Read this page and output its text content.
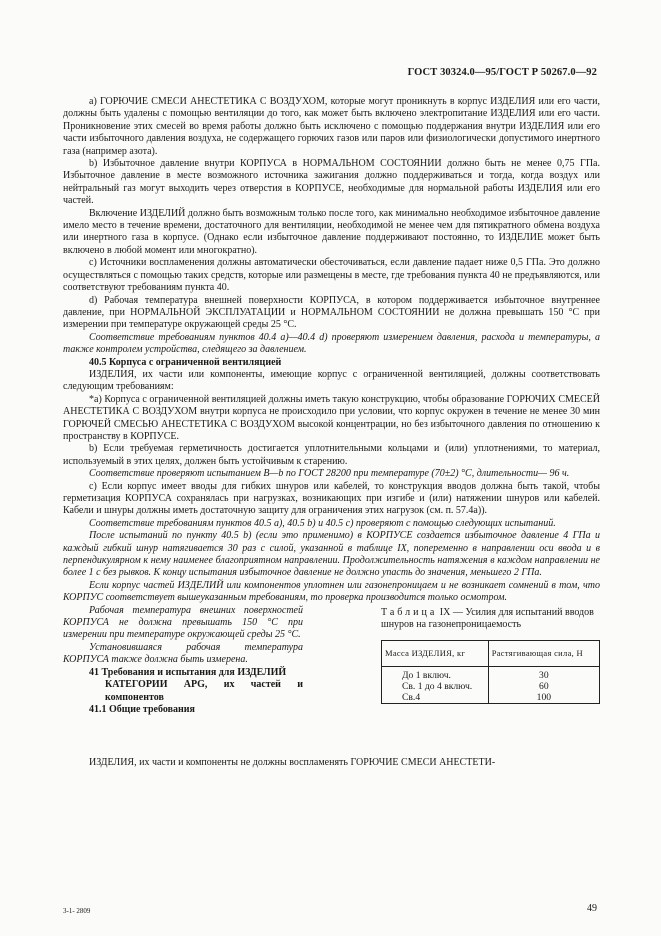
ГОСТ 30324.0—95/ГОСТ Р 50267.0—92

а) ГОРЮЧИЕ СМЕСИ АНЕСТЕТИКА С ВОЗДУХОМ, которые могут проникнуть в корпус ИЗДЕЛИЯ или его части, должны быть удалены с помощью вентиляции до того, как может быть включено электропитание ИЗДЕЛИЯ или его части. Проникновение этих смесей во время работы должно быть исключено с помощью поддержания внутри ИЗДЕЛИЯ или его части избыточного давления воздуха, не содержащего горючих газов или паров или физиологически допустимого инертного газа (например азота).

b) Избыточное давление внутри КОРПУСА в НОРМАЛЬНОМ СОСТОЯНИИ должно быть не менее 0,75 ГПа. Избыточное давление в месте возможного источника зажигания должно поддерживаться и тогда, когда воздух или нейтральный газ могут выходить через отверстия в КОРПУСЕ, необходимые для нормальной работы ИЗДЕЛИЯ или его частей.

Включение ИЗДЕЛИЙ должно быть возможным только после того, как минимально необходимое избыточное давление имело место в течение времени, достаточного для вентиляции, необходимой не менее чем для пятикратного обмена воздуха или инертного газа в корпусе. (Однако если избыточное давление поддерживают постоянно, то ИЗДЕЛИЕ может быть включено в любой момент или многократно).

с) Источники воспламенения должны автоматически обесточиваться, если давление падает ниже 0,5 ГПа. Это должно осуществляться с помощью таких средств, которые или размещены в месте, где требования пункта 40 не предъявляются, или соответствуют требованиям пункта 40.

d) Рабочая температура внешней поверхности КОРПУСА, в котором поддерживается избыточное внутреннее давление, при НОРМАЛЬНОЙ ЭКСПЛУАТАЦИИ и НОРМАЛЬНОМ СОСТОЯНИИ не должна превышать 150 °С при измерении при температуре окружающей среды 25 °С.

Соответствие требованиям пунктов 40.4 а)—40.4 d) проверяют измерением давления, расхода и температуры, а также контролем устройства, следящего за давлением.

40.5 Корпуса с ограниченной вентиляцией

ИЗДЕЛИЯ, их части или компоненты, имеющие корпус с ограниченной вентиляцией, должны соответствовать следующим требованиям:

*а) Корпуса с ограниченной вентиляцией должны иметь такую конструкцию, чтобы образование ГОРЮЧИХ СМЕСЕЙ АНЕСТЕТИКА С ВОЗДУХОМ внутри корпуса не происходило при условии, что корпус окружен в течение не менее 30 мин ГОРЮЧЕЙ СМЕСЬЮ АНЕСТЕТИКА С ВОЗДУХОМ высокой концентрации, но без избыточного давления по отношению к пространству в КОРПУСЕ.

b) Если требуемая герметичность достигается уплотнительными кольцами и (или) уплотнениями, то материал, используемый в этих целях, должен быть устойчивым к старению.

Соответствие проверяют испытанием В—b по ГОСТ 28200 при температуре (70±2) °С, длительности— 96 ч.

с) Если корпус имеет вводы для гибких шнуров или кабелей, то конструкция вводов должна быть такой, чтобы герметизация КОРПУСА сохранялась при нагрузках, возникающих при изгибе и (или) натяжении шнуров или кабелей. Кабели и шнуры должны иметь достаточную защиту для ограничения этих нагрузок (см. п. 57.4а)).

Соответствие требованиям пунктов 40.5 а), 40.5 b) и 40.5 с) проверяют с помощью следующих испытаний.

После испытаний по пункту 40.5 b) (если это применимо) в КОРПУСЕ создается избыточное давление 4 ГПа и каждый гибкий шнур натягивается 30 раз с силой, указанной в таблице IX, попеременно в направлении оси ввода и в перпендикулярном к нему наименее благоприятном направлении. Продолжительность натяжения в каждом направлении не более 1 с без рывков. К концу испытания избыточное давление не должно упасть до значения, меньшего 2 ГПа.

Если корпус частей ИЗДЕЛИЙ или компонентов уплотнен или газонепроницаем и не возникает сомнений в том, что КОРПУС соответствует вышеуказанным требованиям, то проверка производится только осмотром.

Рабочая температура внешних поверхностей КОРПУСА не должна превышать 150 °С при измерении при температуре окружающей среды 25 °С.

Установившаяся рабочая температура КОРПУСА также должна быть измерена.

41 Требования и испытания для ИЗДЕЛИЙ
КАТЕГОРИИ APG, их частей и компонентов
41.1 Общие требования
Таблица IX — Усилия для испытаний вводов шнуров на газонепроницаемость
Масса ИЗДЕЛИЯ, кг	Растягивающая сила, Н
До 1 включ.	30
Св. 1 до 4 включ.	60
Св.4	100

ИЗДЕЛИЯ, их части и компоненты не должны воспламенять ГОРЮЧИЕ СМЕСИ АНЕСТЕТИ-

3-1- 2809	49
